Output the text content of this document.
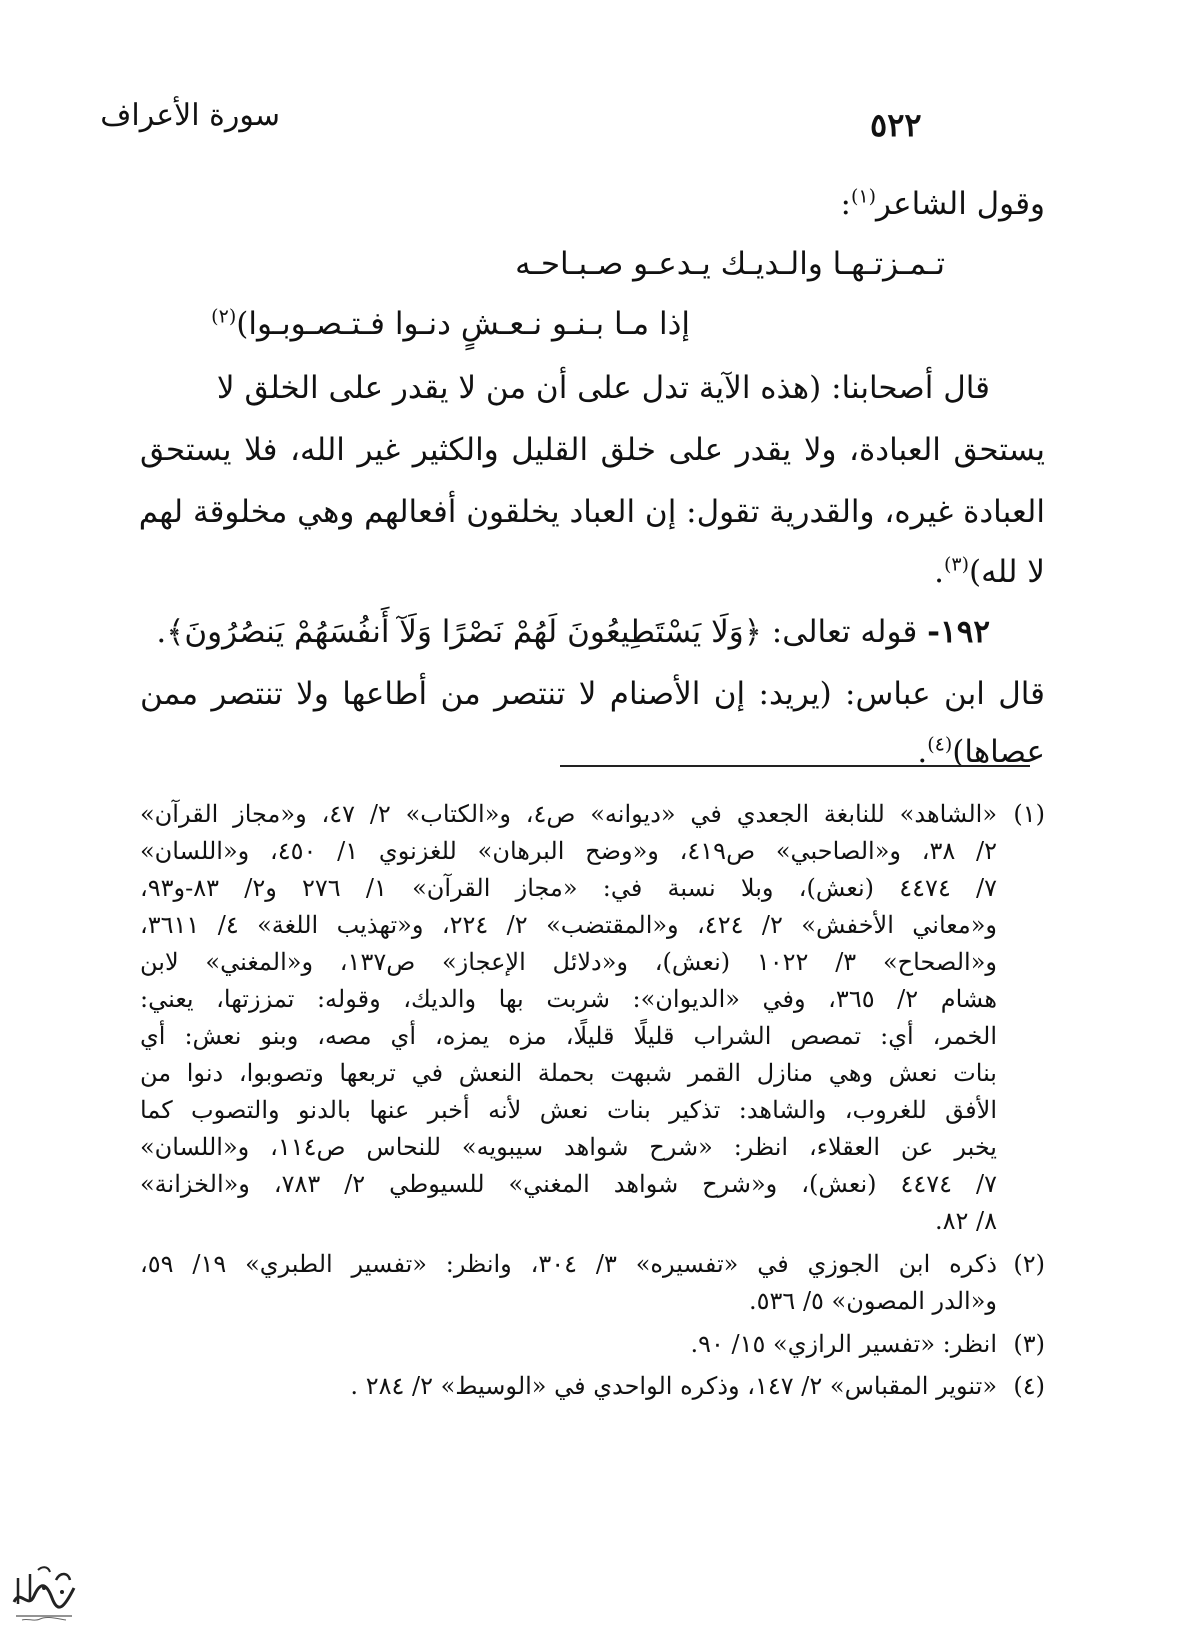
سورة الأعراف	٥٢٢
وقول الشاعر$^{(١)}$:
تـمـزتـهـا والـديـك يـدعـو صـبـاحـه
إذا مـا بـنـو نـعـشٍ دنـوا فـتـصـوبـوا)$^{(٢)}$
قال أصحابنا: (هذه الآية تدل على أن من لا يقدر على الخلق لا
يستحق العبادة، ولا يقدر على خلق القليل والكثير غير الله، فلا يستحق
العبادة غيره، والقدرية تقول: إن العباد يخلقون أفعالهم وهي مخلوقة لهم
لا لله)$^{(٣)}$.
١٩٢- قوله تعالى: ﴿وَلَا يَسْتَطِيعُونَ لَهُمْ نَصْرًا وَلَآ أَنفُسَهُمْ يَنصُرُونَ﴾.
قال ابن عباس: (يريد: إن الأصنام لا تنتصر من أطاعها ولا تنتصر ممن
عصاها)$^{(٤)}$.
(١)
«الشاهد» للنابغة الجعدي في «ديوانه» ص٤، و«الكتاب» ٢/ ٤٧، و«مجاز القرآن»
٢/ ٣٨، و«الصاحبي» ص٤١٩، و«وضح البرهان» للغزنوي ١/ ٤٥٠، و«اللسان»
٧/ ٤٤٧٤ (نعش)، وبلا نسبة في: «مجاز القرآن» ١/ ٢٧٦ و٢/ ٨٣-و٩٣،
و«معاني الأخفش» ٢/ ٤٢٤، و«المقتضب» ٢/ ٢٢٤، و«تهذيب اللغة» ٤/ ٣٦١١،
و«الصحاح» ٣/ ١٠٢٢ (نعش)، و«دلائل الإعجاز» ص١٣٧، و«المغني» لابن
هشام ٢/ ٣٦٥، وفي «الديوان»: شربت بها والديك، وقوله: تمززتها، يعني:
الخمر، أي: تمصص الشراب قليلًا قليلًا، مزه يمزه، أي مصه، وبنو نعش: أي
بنات نعش وهي منازل القمر شبهت بحملة النعش في تربعها وتصوبوا، دنوا من
الأفق للغروب، والشاهد: تذكير بنات نعش لأنه أخبر عنها بالدنو والتصوب كما
يخبر عن العقلاء، انظر: «شرح شواهد سيبويه» للنحاس ص١١٤، و«اللسان»
٧/ ٤٤٧٤ (نعش)، و«شرح شواهد المغني» للسيوطي ٢/ ٧٨٣، و«الخزانة»
٨/ ٨٢.
(٢)
ذكره ابن الجوزي في «تفسيره» ٣/ ٣٠٤، وانظر: «تفسير الطبري» ١٩/ ٥٩،
و«الدر المصون» ٥/ ٥٣٦.
(٣)
انظر: «تفسير الرازي» ١٥/ ٩٠.
(٤)
«تنوير المقباس» ٢/ ١٤٧، وذكره الواحدي في «الوسيط» ٢/ ٢٨٤ .
